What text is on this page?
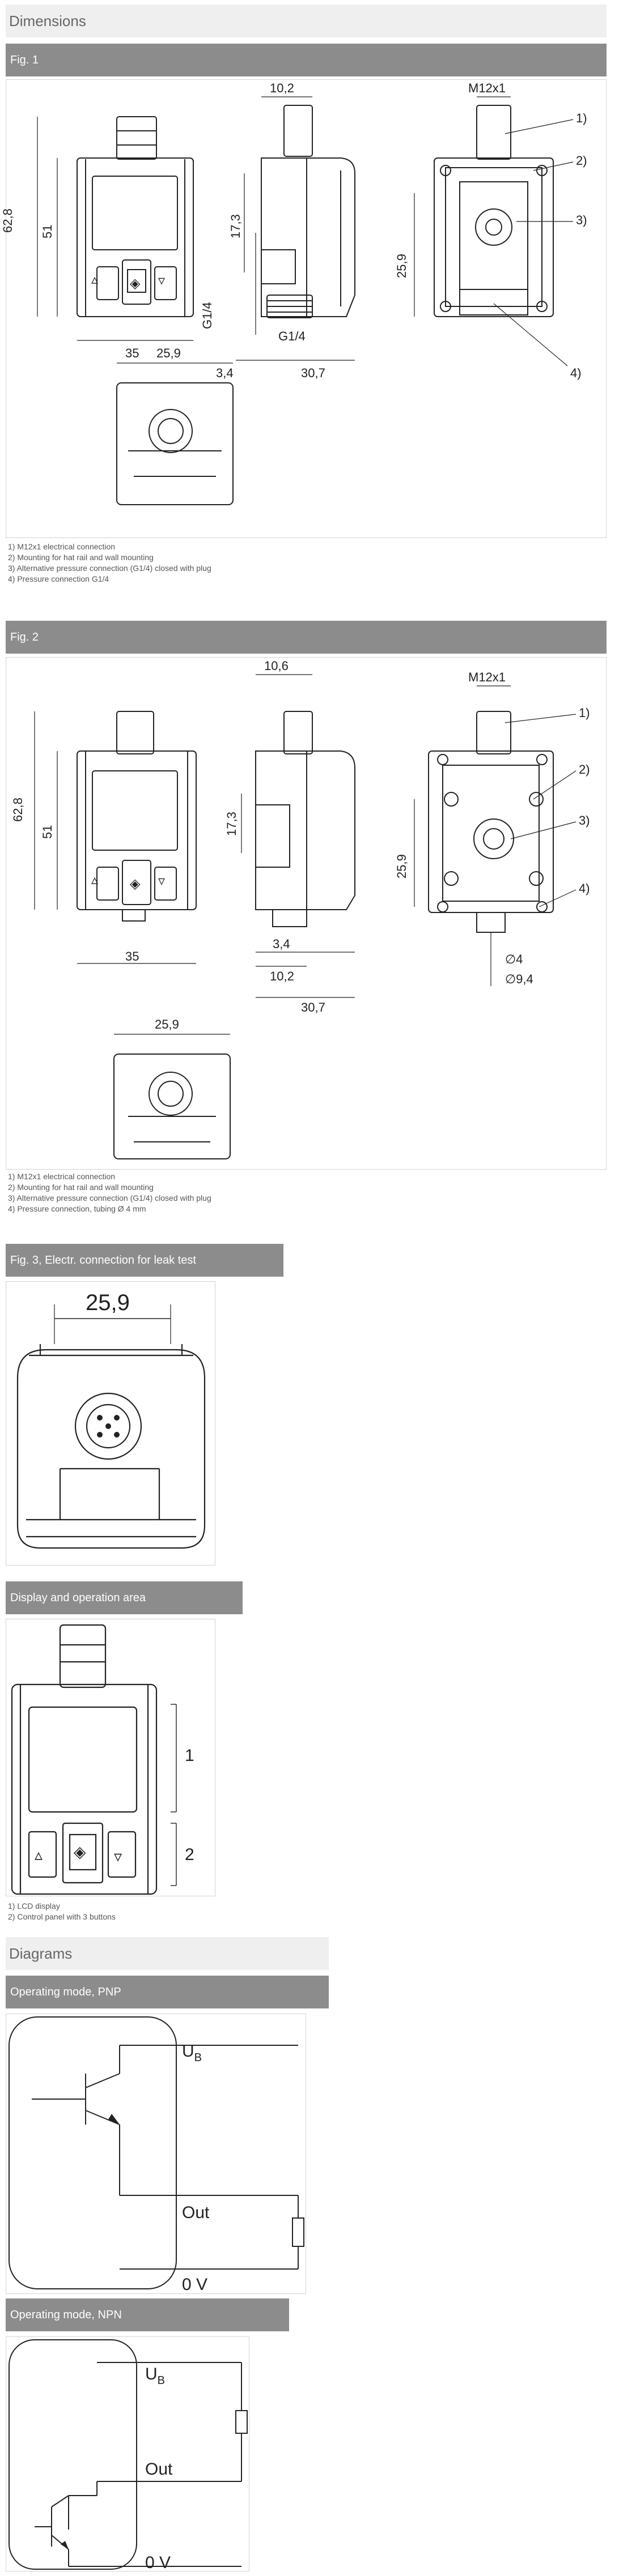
Dimensions
Fig. 1
▵	▿
◈
62,8 51
35
10,2
17,3
G1/4
G1/4
3,4	30,7
25,9
M12x1
25,9
1)
2)
3)
4)
1) M12x1 electrical connection
2) Mounting for hat rail and wall mounting
3) Alternative pressure connection (G1/4) closed with plug
4) Pressure connection G1/4
Fig. 2
▵	▿
◈
62,8
51
35
10,6
17,3
3,4
10,2
30,7
25,9
M12x1
∅4
∅9,4
25,9
1)
2)
3)
4)
1) M12x1 electrical connection
2) Mounting for hat rail and wall mounting
3) Alternative pressure connection (G1/4) closed with plug
4) Pressure connection, tubing Ø 4 mm
Fig. 3, Electr. connection for leak test
25,9
Display and operation area
▵	▿
◈
1
2
1) LCD display
2) Control panel with 3 buttons
Diagrams
Operating mode, PNP
$U_B$
Out
0 V
Operating mode, NPN
$U_B$
Out
0 V
